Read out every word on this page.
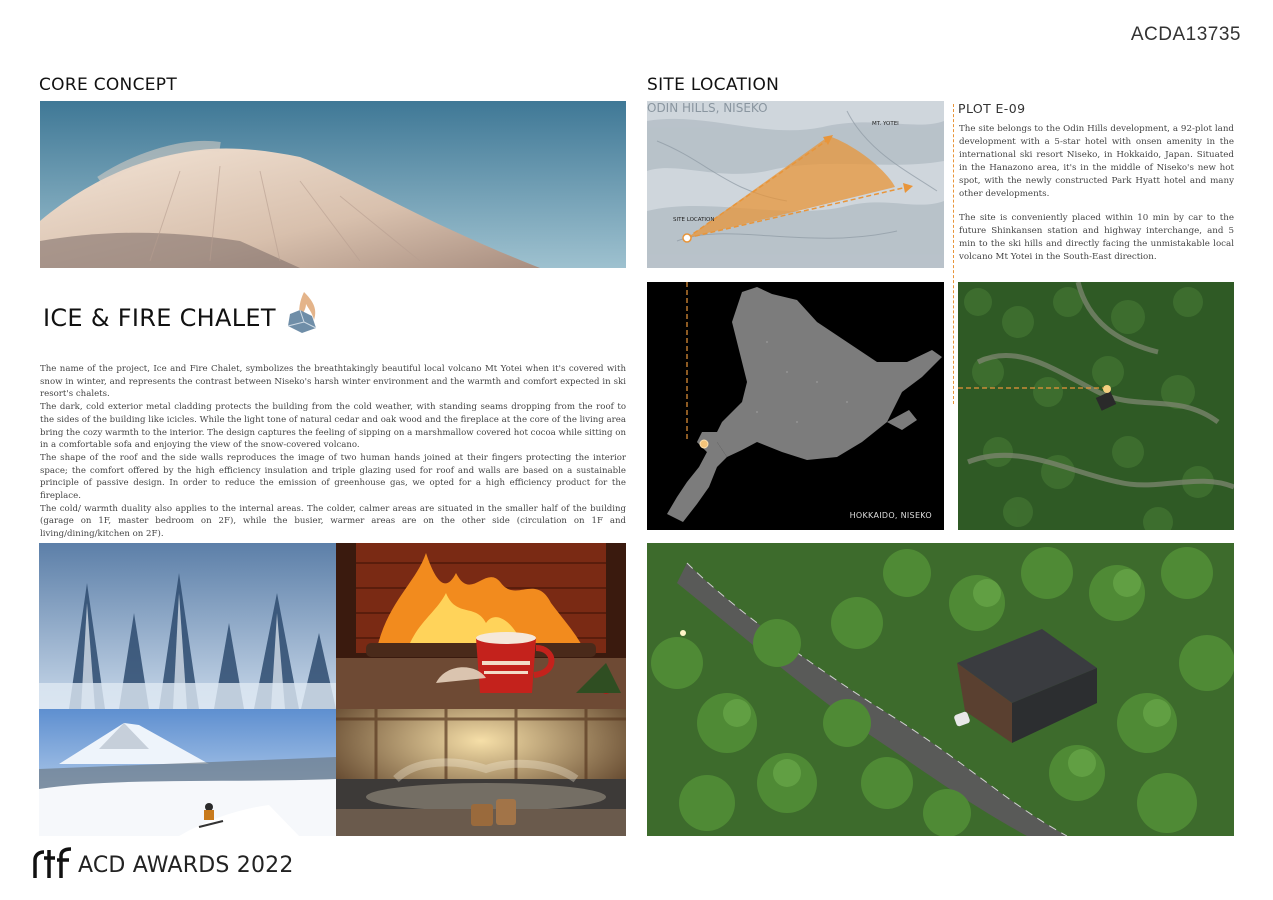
ACDA13735
CORE CONCEPT
ICE & FIRE CHALET

The name of the project, Ice and Fire Chalet, symbolizes the breathtakingly beautiful local volcano Mt Yotei when it's covered with snow in winter, and represents the contrast between Niseko's harsh winter environment and the warmth and comfort expected in ski resort's chalets.

The dark, cold exterior metal cladding protects the building from the cold weather, with standing seams dropping from the roof to the sides of the building like icicles. While the light tone of natural cedar and oak wood and the fireplace at the core of the living area bring the cozy warmth to the interior. The design captures the feeling of sipping on a marshmallow covered hot cocoa while sitting on in a comfortable sofa and enjoying the view of the snow-covered volcano.

The shape of the roof and the side walls reproduces the image of two human hands joined at their fingers protecting the interior space; the comfort offered by the high efficiency insulation and triple glazing used for roof and walls are based on a sustainable principle of passive design. In order to reduce the emission of greenhouse gas, we opted for a high efficiency product for the fireplace.

The cold/ warmth duality also applies to the internal areas. The colder, calmer areas are situated in the smaller half of the building (garage on 1F, master bedroom on 2F), while the busier, warmer areas are on the other side (circulation on 1F and living/dining/kitchen on 2F).

SITE LOCATION
ODIN HILLS, NISEKO
MT. YOTEI
SITE LOCATION
PLOT E-09

The site belongs to the Odin Hills development, a 92-plot land development with a 5-star hotel with onsen amenity in the international ski resort Niseko, in Hokkaido, Japan. Situated in the Hanazono area, it's in the middle of Niseko's new hot spot, with the newly constructed Park Hyatt hotel and many other developments.

The site is conveniently placed within 10 min by car to the future Shinkansen station and highway interchange, and 5 min to the ski hills and directly facing the unmistakable local volcano Mt Yotei in the South-East direction.

HOKKAIDO, NISEKO
ACD AWARDS 2022
